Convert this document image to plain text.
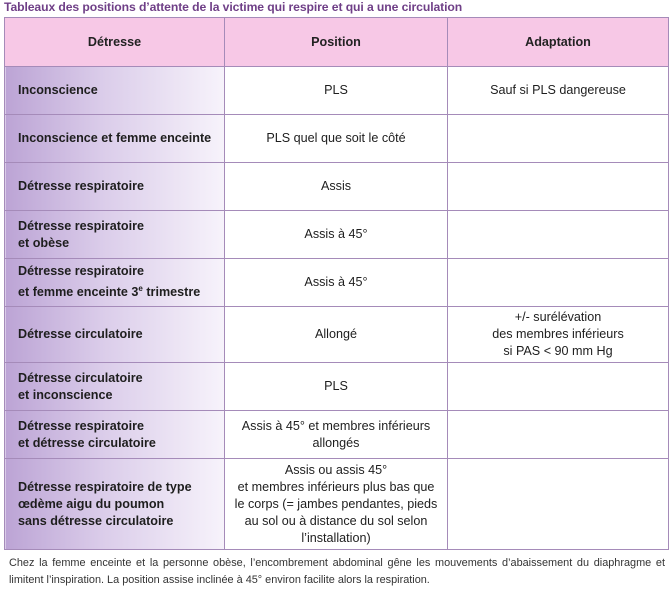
Tableaux des positions d’attente de la victime qui respire et qui a une circulation
Détresse	Position	Adaptation
Inconscience	PLS	Sauf si PLS dangereuse
Inconscience et femme enceinte	PLS quel que soit le côté	
Détresse respiratoire	Assis	
Détresse respiratoire
et obèse	Assis à 45°	
Détresse respiratoire
et femme enceinte 3e trimestre	Assis à 45°	
Détresse circulatoire	Allongé	+/- surélévation
des membres inférieurs
si PAS < 90 mm Hg
Détresse circulatoire
et inconscience	PLS	
Détresse respiratoire
et détresse circulatoire	Assis à 45° et membres inférieurs
allongés	
Détresse respiratoire de type
œdème aigu du poumon
sans détresse circulatoire	Assis ou assis 45°
et membres inférieurs plus bas que
le corps (= jambes pendantes, pieds
au sol ou à distance du sol selon
l’installation)	
Chez la femme enceinte et la personne obèse, l’encombrement abdominal gêne les mouvements d’abaissement du diaphragme et limitent l’inspiration. La position assise inclinée à 45° environ facilite alors la respiration.
